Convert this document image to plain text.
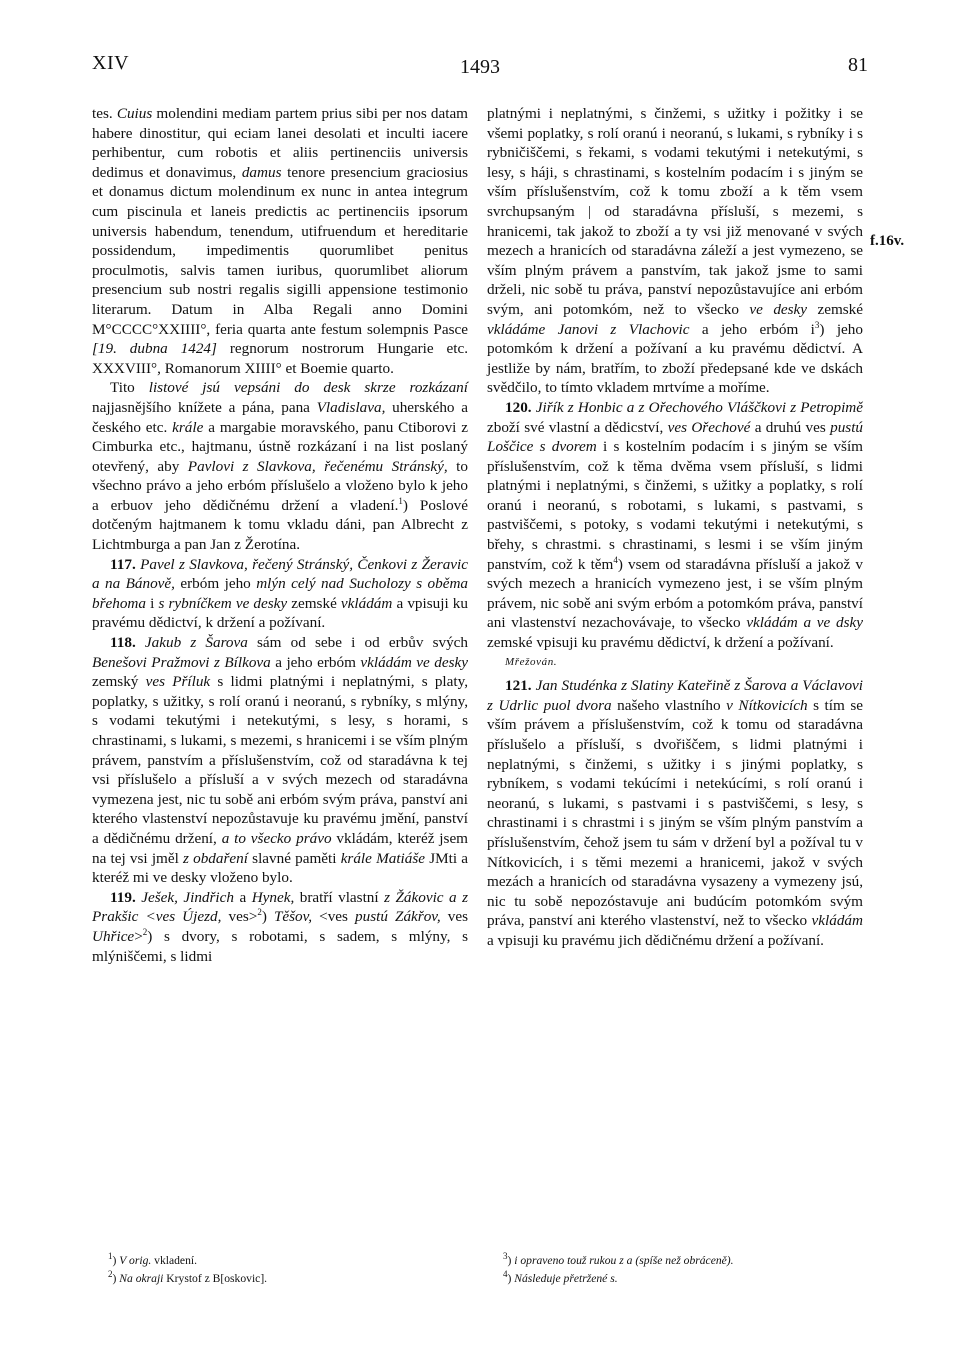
XIV	1493	81
f.16v.

tes. Cuius molendini mediam partem prius sibi per nos datam habere dinostitur, qui eciam lanei desolati et inculti iacere perhibentur, cum robotis et aliis pertinenciis universis dedimus et donavimus, damus tenore presencium graciosius et donamus dictum molendinum ex nunc in antea integrum cum piscinula et laneis predictis ac pertinenciis ipsorum universis habendum, tenendum, utifruendum et hereditarie possidendum, impedimentis quorumlibet penitus proculmotis, salvis tamen iuribus, quorumlibet aliorum presencium sub nostri regalis sigilli appensione testimonio literarum. Datum in Alba Regali anno Domini M°CCCC°XXIIII°, feria quarta ante festum solempnis Pasce [19. dubna 1424] regnorum nostrorum Hungarie etc. XXXVIII°, Romanorum XIIII° et Boemie quarto.

Tito listové jsú vepsáni do desk skrze rozkázaní najjasnějšího knížete a pána, pana Vladislava, uherského a českého etc. krále a margabie moravského, panu Ctiborovi z Cimburka etc., hajtmanu, ústně rozkázaní i na list poslaný otevřený, aby Pavlovi z Slavkova, řečenému Stránský, to všechno právo a jeho erbóm příslušelo a vloženo bylo k jeho a erbuov jeho dědičnému držení a vladení.$^1$) Poslové dotčeným hajtmanem k tomu vkladu dáni, pan Albrecht z Lichtmburga a pan Jan z Žerotína.

117. Pavel z Slavkova, řečený Stránský, Čenkovi z Žeravic a na Bánově, erbóm jeho mlýn celý nad Sucholozy s oběma břehoma i s rybníčkem ve desky zemské vkládám a vpisuji ku pravému dědictví, k držení a požívaní.

118. Jakub z Šarova sám od sebe i od erbův svých Benešovi Pražmovi z Bílkova a jeho erbóm vkládám ve desky zemský ves Příluk s lidmi platnými i neplatnými, s platy, poplatky, s užitky, s rolí oranú i neoranú, s rybníky, s mlýny, s vodami tekutými i netekutými, s lesy, s horami, s chrastinami, s lukami, s mezemi, s hranicemi i se vším plným právem, panstvím a příslušenstvím, což od staradávna k tej vsi příslušelo a přísluší a v svých mezech od staradávna vymezena jest, nic tu sobě ani erbóm svým práva, panství ani kterého vlastenství nepozůstavuje ku pravému jmění, panství a dědičnému držení, a to všecko právo vkládám, kteréž jsem na tej vsi jměl z obdaření slavné paměti krále Matiáše JMti a kteréž mi ve desky vloženo bylo.

119. Ješek, Jindřich a Hynek, bratří vlastní z Žákovic a z Prakšic <ves Újezd, ves>$^2$) Těšov, <ves pustú Zákřov, ves Uhřice>$^2$) s dvory, s robotami, s sadem, s mlýny, s mlýniščemi, s lidmi

platnými i neplatnými, s činžemi, s užitky i požitky i se všemi poplatky, s rolí oranú i neoranú, s lukami, s rybníky i s rybničiščemi, s řekami, s vodami tekutými i netekutými, s lesy, s háji, s chrastinami, s kostelním podacím i s jiným se vším příslušenstvím, což k tomu zboží a k těm vsem svrchupsaným | od staradávna přísluší, s mezemi, s hranicemi, tak jakož to zboží a ty vsi již menované v svých mezech a hranicích od staradávna záleží a jest vymezeno, se vším plným právem a panstvím, tak jakož jsme to sami drželi, nic sobě tu práva, panství nepozůstavujíce ani erbóm svým, ani potomkóm, než to všecko ve desky zemské vkládáme Janovi z Vlachovic a jeho erbóm $i^3$) jeho potomkóm k držení a požívaní a ku pravému dědictví. A jestliže by nám, bratřím, to zboží předepsané kde ve dskách svědčilo, to tímto vkladem mrtvíme a moříme.

120. Jiřík z Honbic a z Ořechového Vláščkovi z Petropimě zboží své vlastní a dědicství, ves Ořechové a druhú ves pustú Loščice s dvorem i s kostelním podacím i s jiným se vším příslušenstvím, což k těma dvěma vsem přísluší, s lidmi platnými i neplatnými, s činžemi, s užitky a poplatky, s rolí oranú i neoranú, s robotami, s lukami, s pastvami, s pastviščemi, s potoky, s vodami tekutými i netekutými, s břehy, s chrastmi. s chrastinami, s lesmi i se vším jiným panstvím, což k těm$^4$) vsem od staradávna přísluší a jakož v svých mezech a hranicích vymezeno jest, i se vším plným právem, nic sobě ani svým erbóm a potomkóm práva, panství ani vlastenství nezachovávaje, to všecko vkládám a ve dsky zemské vpisuji ku pravému dědictví, k držení a požívaní.

Mřežován.

121. Jan Studénka z Slatiny Kateřině z Šarova a Václavovi z Udrlic puol dvora našeho vlastního v Nítkovicích s tím se vším právem a příslušenstvím, což k tomu od staradávna příslušelo a přísluší, s dvořiščem, s lidmi platnými i neplatnými, s činžemi, s užitky i s jinými poplatky, s rybníkem, s vodami tekúcími i netekúcími, s rolí oranú i neoranú, s lukami, s pastvami i s pastviščemi, s lesy, s chrastinami i s chrastmi i s jiným se vším plným panstvím a příslušenstvím, čehož jsem tu sám v držení byl a požíval tu v Nítkovicích, i s těmi mezemi a hranicemi, jakož v svých mezách a hranicích od staradávna vysazeny a vymezeny jsú, nic tu sobě nepozóstavuje ani budúcím potomkóm svým práva, panství ani kterého vlastenství, než to všecko vkládám a vpisuji ku pravému jich dědičnému držení a požívaní.

$^1$) V orig. vkladení.
$^2$) Na okraji Krystof z B[oskovic].
$^3$) i opraveno touž rukou z a (spíše než obráceně).
$^4$) Následuje přetržené s.
